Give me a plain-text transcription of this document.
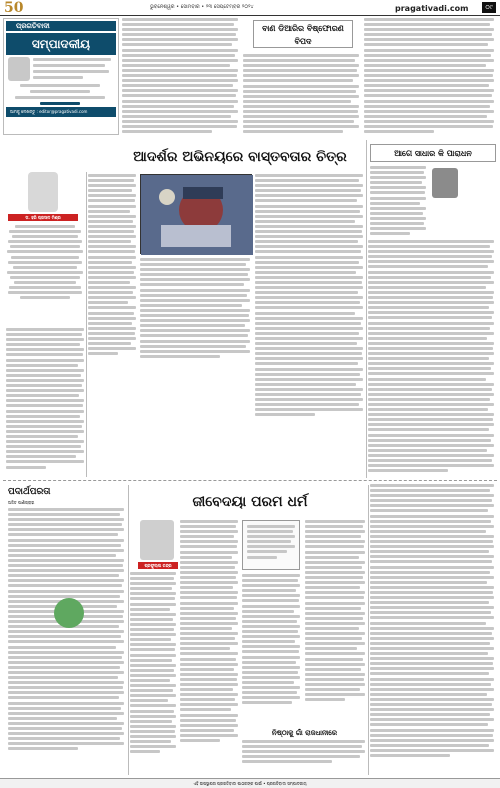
50	ଭୁବନେଶ୍ୱର • ସୋମବାର • ୨୩ ସେପ୍ଟେମ୍ବର ୨୦୨୪	pragativadi.com	୦୯
ପ୍ରଗତିବାଦୀ
ସମ୍ପାଦକୀୟ
ଆମକୁ ଲେଖନ୍ତୁ : editor@pragativadi.com
ବାଣ ଡିଆରିର ବିଷ୍ଫୋରଣ ବିପଦ
ଆଦର୍ଶର ଅଭିନୟରେ ବାସ୍ତବତାର ଚିତ୍ର	ଆଗେ ସାଧାର କି ପାରାଧନ
ଡ. ହରି ପ୍ରସାଦ ମିଶ୍ର
ପଦାର୍ଥପରତା
ଅଜିତ ପାଣିଗ୍ରାହୀ	ଜୀବେଦୟା ପରମ ଧର୍ମ
ପ୍ରଫୁଲ୍ଲ ଚନ୍ଦ୍ର
ନିଷ୍ଠାକୁ ଗାଁ ରାଜଧାନୀରେ
ଏହି ଉପସ୍ଥାପନା ପ୍ରଗତିବାଦୀ ପାଠକଙ୍କ ପାଇଁ • ପ୍ରଗତିବାଦୀ ସମ୍ପାଦକୀୟ
